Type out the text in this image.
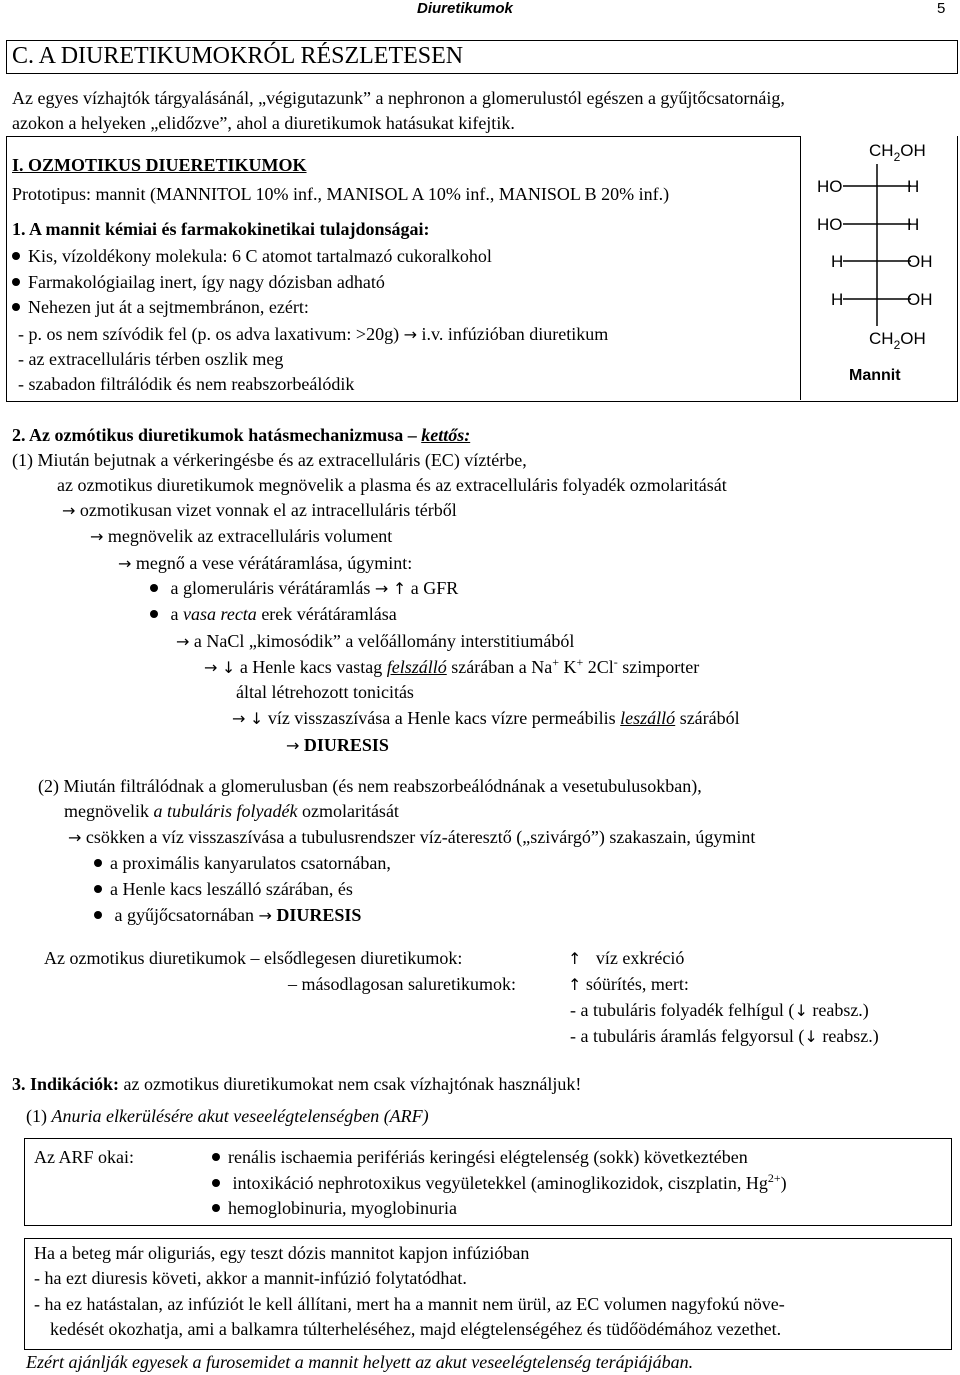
Diuretikumok	5
C. A DIURETIKUMOKRÓL RÉSZLETESEN
Az egyes vízhajtók tárgyalásánál, „végigutazunk” a nephronon a glomerulustól egészen a gyűjtőcsatornáig,
azokon a helyeken „elidőzve”, ahol a diuretikumok hatásukat kifejtik.
I. OZMOTIKUS DIUERETIKUMOK
Prototipus: mannit (MANNITOL 10% inf., MANISOL A 10% inf., MANISOL B 20% inf.)
1. A mannit kémiai és farmakokinetikai tulajdonságai:
Kis, vízoldékony molekula: 6 C atomot tartalmazó cukoralkohol
Farmakológiailag inert, így nagy dózisban adható
Nehezen jut át a sejtmembránon, ezért:
- p. os nem szívódik fel (p. os adva laxativum: >20g) → i.v. infúzióban diuretikum
- az extracelluláris térben oszlik meg
- szabadon filtrálódik és nem reabszorbeálódik
$CH_2OH$
HO	H
HO	H
H	OH
H	OH
$CH_2OH$
Mannit
2. Az ozmótikus diuretikumok hatásmechanizmusa – kettős:
(1) Miután bejutnak a vérkeringésbe és az extracelluláris (EC) víztérbe,
az ozmotikus diuretikumok megnövelik a plasma és az extracelluláris folyadék ozmolaritását
→ ozmotikusan vizet vonnak el az intracelluláris térből
→ megnövelik az extracelluláris volument
→ megnő a vese vérátáramlása, úgymint:
a glomeruláris vérátáramlás → ↑ a GFR
a vasa recta erek vérátáramlása
→ a NaCl „kimosódik” a velőállomány interstitiumából
→ ↓ a Henle kacs vastag felszálló szárában a Na+ K+ 2Cl- szimporter
által létrehozott tonicitás
→ ↓ víz visszaszívása a Henle kacs vízre permeábilis leszálló szárából
→ DIURESIS
(2) Miután filtrálódnak a glomerulusban (és nem reabszorbeálódnának a vesetubulusokban),
megnövelik a tubuláris folyadék ozmolaritását
→ csökken a víz visszaszívása a tubulusrendszer víz-áteresztő („szivárgó”) szakaszain, úgymint
a proximális kanyarulatos csatornában,
a Henle kacs leszálló szárában, és
a gyűjőcsatornában → DIURESIS
Az ozmotikus diuretikumok – elsődlegesen diuretikumok:	↑ víz exkréció
– másodlagosan saluretikumok:	↑ sóürítés, mert:
- a tubuláris folyadék felhígul (↓ reabsz.)
- a tubuláris áramlás felgyorsul (↓ reabsz.)
3. Indikációk: az ozmotikus diuretikumokat nem csak vízhajtónak használjuk!
(1) Anuria elkerülésére akut veseelégtelenségben (ARF)
Az ARF okai:	renális ischaemia perifériás keringési elégtelenség (sokk) következtében
intoxikáció nephrotoxikus vegyületekkel (aminoglikozidok, ciszplatin, $Hg^{2+}$)
hemoglobinuria, myoglobinuria
Ha a beteg már oliguriás, egy teszt dózis mannitot kapjon infúzióban
- ha ezt diuresis követi, akkor a mannit-infúzió folytatódhat.
- ha ez hatástalan, az infúziót le kell állítani, mert ha a mannit nem ürül, az EC volumen nagyfokú növe-
kedését okozhatja, ami a balkamra túlterheléséhez, majd elégtelenségéhez és tüdőödémához vezethet.
Ezért ajánlják egyesek a furosemidet a mannit helyett az akut veseelégtelenség terápiájában.
